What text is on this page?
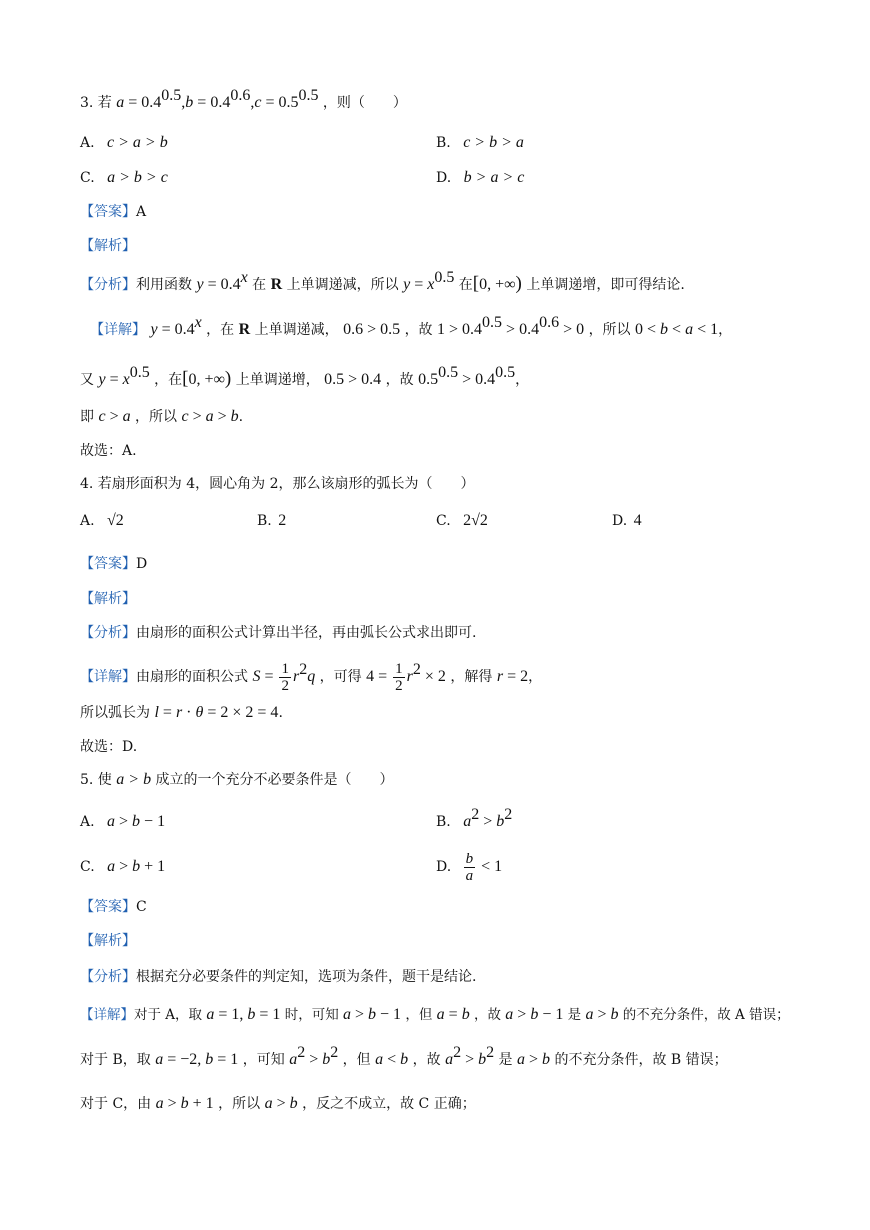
3. 若 $a = 0.4^{0.5},b = 0.4^{0.6},c = 0.5^{0.5}$ ，则（　　）
A. c > a > b	B. c > b > a
C. a > b > c	D. b > a > c
【答案】A
【解析】
【分析】利用函数 $y = 0.4^x$ 在 R 上单调递减，所以 $y = x^{0.5}$ 在[0, +∞) 上单调递增，即可得结论.
【详解】 $y = 0.4^x$ ，在 R 上单调递减， 0.6 > 0.5 ，故 $1 > 0.4^{0.5} > 0.4^{0.6} > 0$ ，所以 0 < b < a < 1，
又 $y = x^{0.5}$ ，在[0, +∞) 上单调递增， 0.5 > 0.4 ，故 $0.5^{0.5} > 0.4^{0.5}$，
即 c > a ，所以 c > a > b.
故选：A.
4. 若扇形面积为 4，圆心角为 2，那么该扇形的弧长为（　　）
A. √2	B. 2	C. 2√2	D. 4
【答案】D
【解析】
【分析】由扇形的面积公式计算出半径，再由弧长公式求出即可.
【详解】由扇形的面积公式 $S = \frac{1}{2} r^2q$ ，可得 $4 = \frac{1}{2} r^2 \times 2$ ，解得 r = 2，
所以弧长为 l = r · θ = 2 × 2 = 4.
故选：D.
5. 使 a > b 成立的一个充分不必要条件是（　　）
A. a > b − 1	B. $a^2 > b^2$
C. a > b + 1	D. $\frac{b}{a} < 1$
【答案】C
【解析】
【分析】根据充分必要条件的判定知，选项为条件，题干是结论.
【详解】对于 A，取 a = 1, b = 1 时，可知 a > b − 1 ，但 a = b ，故 a > b − 1 是 a > b 的不充分条件，故 A 错误；
对于 B，取 a = −2, b = 1 ，可知 $a^2 > b^2$ ，但 a < b ，故 $a^2 > b^2$ 是 a > b 的不充分条件，故 B 错误；
对于 C，由 a > b + 1 ，所以 a > b ，反之不成立，故 C 正确；
